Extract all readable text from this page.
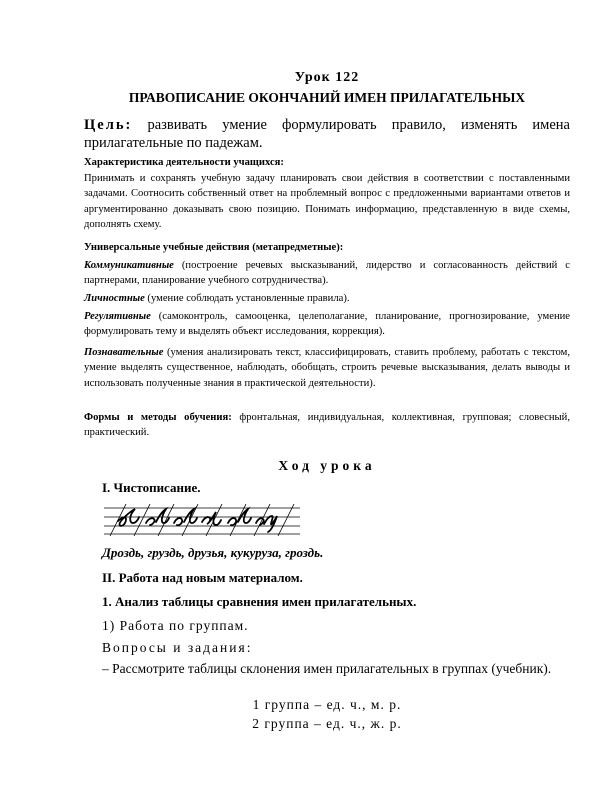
Урок 122
ПРАВОПИСАНИЕ ОКОНЧАНИЙ ИМЕН ПРИЛАГАТЕЛЬНЫХ
Цель: развивать умение формулировать правило, изменять имена прилагательные по падежам.
Характеристика деятельности учащихся:
Принимать и сохранять учебную задачу планировать свои действия в соответствии с поставленными задачами. Соотносить собственный ответ на проблемный вопрос с предложенными вариантами ответов и аргументированно доказывать свою позицию. Понимать информацию, представленную в виде схемы, дополнять схему.
Универсальные учебные действия (метапредметные):
Коммуникативные (построение речевых высказываний, лидерство и согласованность действий с партнерами, планирование учебного сотрудничества).
Личностные (умение соблюдать установленные правила).
Регулятивные (самоконтроль, самооценка, целеполагание, планирование, прогнозирование, умение формулировать тему и выделять объект исследования, коррекция).
Познавательные (умения анализировать текст, классифицировать, ставить проблему, работать с текстом, умение выделять существенное, наблюдать, обобщать, строить речевые высказывания, делать выводы и использовать полученные знания в практической деятельности).
Формы и методы обучения: фронтальная, индивидуальная, коллективная, групповая; словесный, практический.
Ход урока
I. Чистописание.
Дроздь, груздь, друзья, кукуруза, гроздь.
II. Работа над новым материалом.
1. Анализ таблицы сравнения имен прилагательных.
1) Работа по группам.
Вопросы и задания:
– Рассмотрите таблицы склонения имен прилагательных в группах (учебник).
1 группа – ед. ч., м. р.
2 группа – ед. ч., ж. р.
